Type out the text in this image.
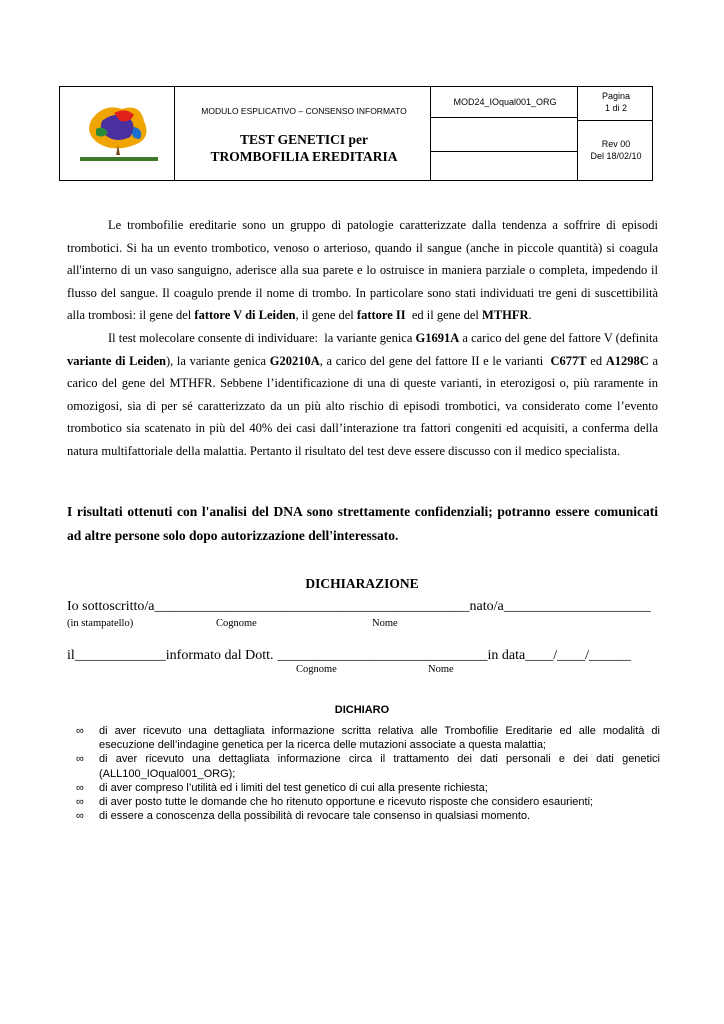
MODULO ESPLICATIVO – CONSENSO INFORMATO
TEST GENETICI per
TROMBOFILIA EREDITARIA
MOD24_IOqual001_ORG
Pagina
1 di 2
Rev 00
Del 18/02/10
Le trombofilie ereditarie sono un gruppo di patologie caratterizzate dalla tendenza a soffrire di episodi trombotici. Si ha un evento trombotico, venoso o arterioso, quando il sangue (anche in piccole quantità) si coagula all'interno di un vaso sanguigno, aderisce alla sua parete e lo ostruisce in maniera parziale o completa, impedendo il flusso del sangue. Il coagulo prende il nome di trombo. In particolare sono stati individuati tre geni di suscettibilità alla trombosi: il gene del fattore V di Leiden, il gene del fattore II  ed il gene del MTHFR.
Il test molecolare consente di individuare:  la variante genica G1691A a carico del gene del fattore V (definita variante di Leiden), la variante genica G20210A, a carico del gene del fattore II e le varianti  C677T ed A1298C a carico del gene del MTHFR. Sebbene l’identificazione di una di queste varianti, in eterozigosi o, più raramente in omozigosi, sia di per sé caratterizzato da un più alto rischio di episodi trombotici, va considerato come l’evento trombotico sia scatenato in più del 40% dei casi dall’interazione tra fattori congeniti ed acquisiti, a conferma della natura multifattoriale della malattia. Pertanto il risultato del test deve essere discusso con il medico specialista.
I risultati ottenuti con l'analisi del DNA sono strettamente confidenziali; potranno essere comunicati ad altre persone solo dopo autorizzazione dell'interessato.
DICHIARAZIONE
Io sottoscritto/a_____________________________________________nato/a_____________________
(in stampatello)	Cognome	Nome
il_____________informato dal Dott. ______________________________in data____/____/______
Cognome	Nome
DICHIARO
∞ di aver ricevuto una dettagliata informazione scritta relativa alle Trombofilie Ereditarie ed alle modalità di esecuzione dell’indagine genetica per la ricerca delle mutazioni associate a questa malattia;
∞ di aver ricevuto una dettagliata informazione circa il trattamento dei dati personali e dei dati genetici (ALL100_IOqual001_ORG);
∞ di aver compreso l’utilità ed i limiti del test genetico di cui alla presente richiesta;
∞ di aver posto tutte le domande che ho ritenuto opportune e ricevuto risposte che considero esaurienti;
∞ di essere a conoscenza della possibilità di revocare tale consenso in qualsiasi momento.
